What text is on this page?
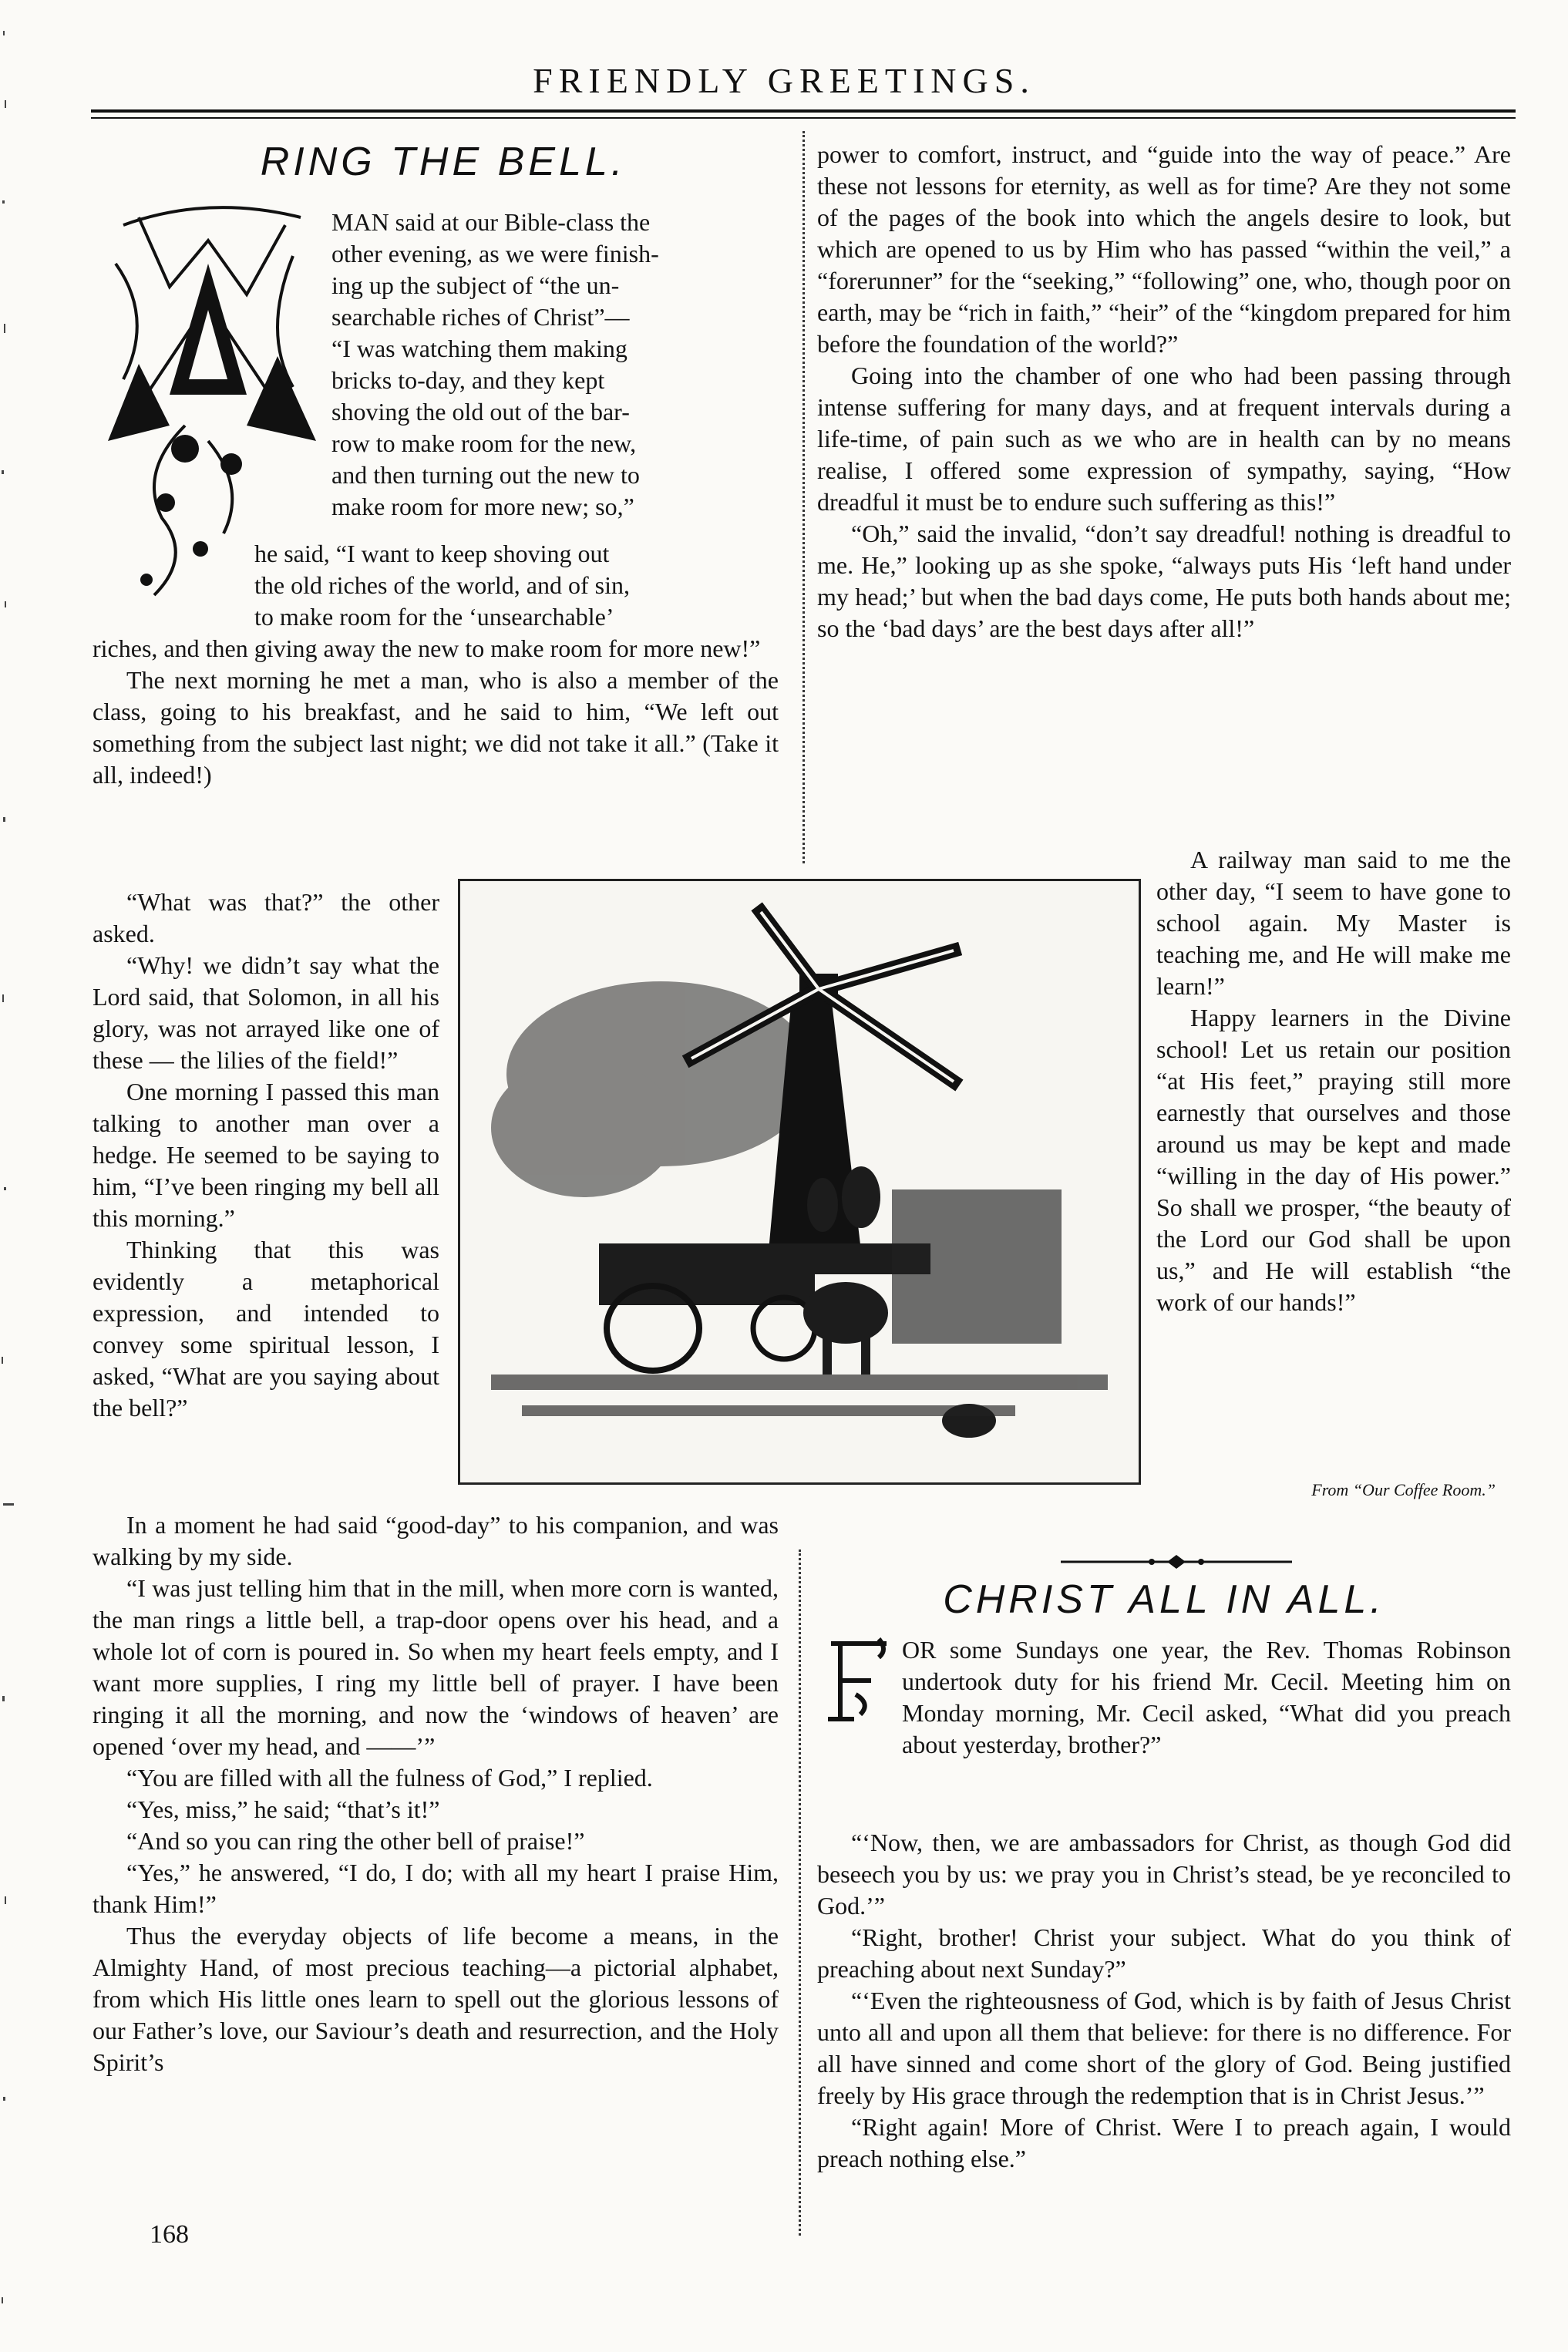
FRIENDLY GREETINGS.
RING THE BELL.
MAN said at our Bible-class the
other evening, as we were finish-
ing up the subject of “the un-
searchable riches of Christ”—
“I was watching them making
bricks to-day, and they kept
shoving the old out of the bar-
row to make room for the new,
and then turning out the new to
make room for more new; so,”
he said, “I want to keep shoving out
the old riches of the world, and of sin,
to make room for the ‘unsearchable’

riches, and then giving away the new to make room for more new!”

The next morning he met a man, who is also a member of the class, going to his breakfast, and he said to him, “We left out something from the subject last night; we did not take it all.” (Take it all, indeed!)

“What was that?” the other asked.

“Why! we didn’t say what the Lord said, that Solomon, in all his glory, was not arrayed like one of these — the lilies of the field!”

One morning I passed this man talking to another man over a hedge. He seemed to be saying to him, “I’ve been ringing my bell all this morning.”

Thinking that this was evidently a metaphorical expression, and intended to convey some spiritual lesson, I asked, “What are you saying about the bell?”

In a moment he had said “good-day” to his companion, and was walking by my side.

“I was just telling him that in the mill, when more corn is wanted, the man rings a little bell, a trap-door opens over his head, and a whole lot of corn is poured in. So when my heart feels empty, and I want more supplies, I ring my little bell of prayer. I have been ringing it all the morning, and now the ‘windows of heaven’ are opened ‘over my head, and ——’”

“You are filled with all the fulness of God,” I replied.

“Yes, miss,” he said; “that’s it!”

“And so you can ring the other bell of praise!”

“Yes,” he answered, “I do, I do; with all my heart I praise Him, thank Him!”

Thus the everyday objects of life become a means, in the Almighty Hand, of most precious teaching—a pictorial alphabet, from which His little ones learn to spell out the glorious lessons of our Father’s love, our Saviour’s death and resurrection, and the Holy Spirit’s

power to comfort, instruct, and “guide into the way of peace.” Are these not lessons for eternity, as well as for time? Are they not some of the pages of the book into which the angels desire to look, but which are opened to us by Him who has passed “within the veil,” a “forerunner” for the “seeking,” “following” one, who, though poor on earth, may be “rich in faith,” “heir” of the “kingdom prepared for him before the foundation of the world?”

Going into the chamber of one who had been passing through intense suffering for many days, and at frequent intervals during a life-time, of pain such as we who are in health can by no means realise, I offered some expression of sympathy, saying, “How dreadful it must be to endure such suffering as this!”

“Oh,” said the invalid, “don’t say dreadful! nothing is dreadful to me. He,” looking up as she spoke, “always puts His ‘left hand under my head;’ but when the bad days come, He puts both hands about me; so the ‘bad days’ are the best days after all!”

A railway man said to me the other day, “I seem to have gone to school again. My Master is teaching me, and He will make me learn!”

Happy learners in the Divine school! Let us retain our position “at His feet,” praying still more earnestly that ourselves and those around us may be kept and made “willing in the day of His power.” So shall we prosper, “the beauty of the Lord our God shall be upon us,” and He will establish “the work of our hands!”

From “Our Coffee Room.”
CHRIST ALL IN ALL.

OR some Sundays one year, the Rev. Thomas Robinson undertook duty for his friend Mr. Cecil. Meeting him on Monday morning, Mr. Cecil asked, “What did you preach about yesterday, brother?”

“‘Now, then, we are ambassadors for Christ, as though God did beseech you by us: we pray you in Christ’s stead, be ye reconciled to God.’”

“Right, brother! Christ your subject. What do you think of preaching about next Sunday?”

“‘Even the righteousness of God, which is by faith of Jesus Christ unto all and upon all them that believe: for there is no difference. For all have sinned and come short of the glory of God. Being justified freely by His grace through the redemption that is in Christ Jesus.’”

“Right again! More of Christ. Were I to preach again, I would preach nothing else.”

168
